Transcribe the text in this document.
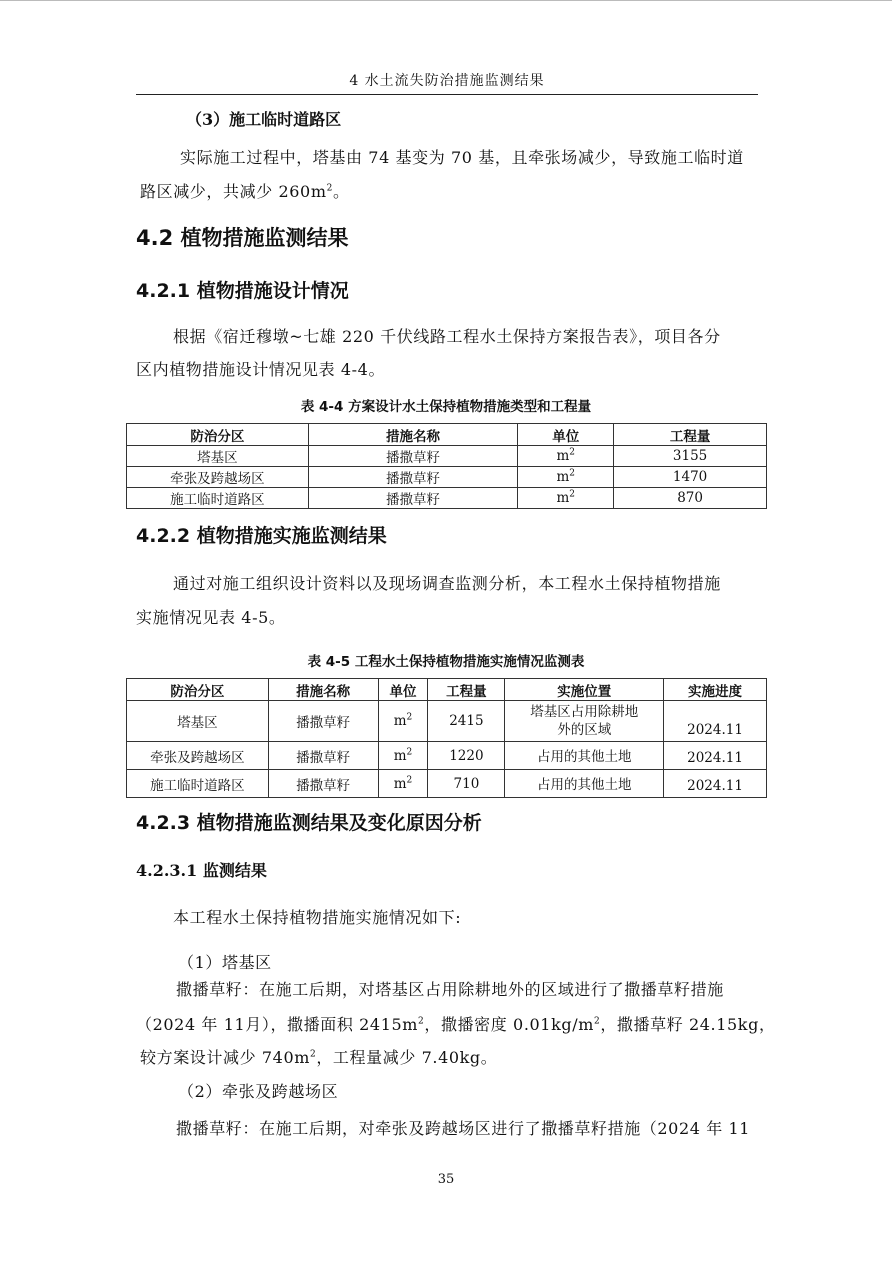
4 水土流失防治措施监测结果
（3）施工临时道路区
实际施工过程中，塔基由 74 基变为 70 基，且牵张场减少，导致施工临时道
路区减少，共减少 $260m^2$。
4.2 植物措施监测结果
4.2.1 植物措施设计情况
根据《宿迁穆墩~七雄 220 千伏线路工程水土保持方案报告表》，项目各分
区内植物措施设计情况见表 4-4。
表 4-4 方案设计水土保持植物措施类型和工程量
防治分区	措施名称	单位	工程量
塔基区	播撒草籽	$m^2$	3155
牵张及跨越场区	播撒草籽	$m^2$	1470
施工临时道路区	播撒草籽	$m^2$	870
4.2.2 植物措施实施监测结果
通过对施工组织设计资料以及现场调查监测分析，本工程水土保持植物措施
实施情况见表 4-5。
表 4-5 工程水土保持植物措施实施情况监测表
防治分区	措施名称	单位	工程量	实施位置	实施进度
塔基区	播撒草籽	$m^2$	2415	塔基区占用除耕地
外的区域	2024.11
牵张及跨越场区	播撒草籽	$m^2$	1220	占用的其他土地	2024.11
施工临时道路区	播撒草籽	$m^2$	710	占用的其他土地	2024.11
4.2.3 植物措施监测结果及变化原因分析
4.2.3.1 监测结果
本工程水土保持植物措施实施情况如下:
（1）塔基区
撒播草籽：在施工后期，对塔基区占用除耕地外的区域进行了撒播草籽措施
（2024 年 11月），撒播面积 $2415m^2$，撒播密度 $0.01kg/m^2$，撒播草籽 24.15kg，
较方案设计减少 $740m^2$，工程量减少 7.40kg。
（2）牵张及跨越场区
撒播草籽：在施工后期，对牵张及跨越场区进行了撒播草籽措施（2024 年 11
35
